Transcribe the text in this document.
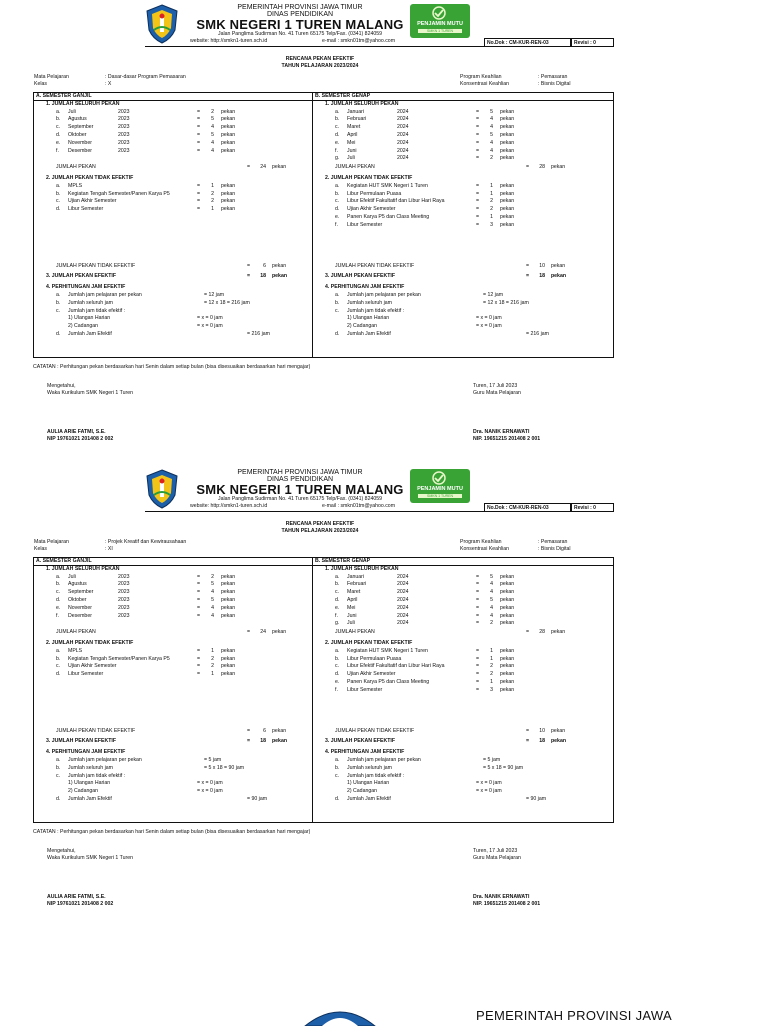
PEMERINTAH PROVINSI JAWA TIMUR
DINAS PENDIDIKAN
SMK NEGERI 1 TUREN MALANG
Jalan Panglima Sudirman No. 41 Turen 65175 Telp/Fax. (0341) 824059
website: http://smkn1-turen.sch.id	e-mail : smkn01tm@yahoo.com
PENJAMIN MUTU
SMKN 1 TUREN
No.Dok : CM-KUR-REN-03	Revisi : 0
RENCANA PEKAN EFEKTIF
TAHUN PELAJARAN 2023/2024
Mata Pelajaran	: Dasar-dasar Program Pemasaran
Kelas	: X
Program Keahlian	: Pemasaran
Konsentrasi Keahlian	: Bisnis Digital
A. SEMESTER GANJIL
1. JUMLAH SELURUH PEKAN
a. Juli	2023	=	2 pekan
b. Agustus	2023	=	5 pekan
c. September	2023	=	4 pekan
d. Oktober	2023	=	5 pekan
e. November	2023	=	4 pekan
f. Desember	2023	=	4 pekan
JUMLAH PEKAN	=	24 pekan
2. JUMLAH PEKAN TIDAK EFEKTIF
a. MPLS	=	1 pekan
b. Kegiatan Tengah Semester/Panen Karya P5	=	2 pekan
c. Ujian Akhir Semester	=	2 pekan
d. Libur Semester	=	1 pekan
JUMLAH PEKAN TIDAK EFEKTIF	=	6 pekan
3. JUMLAH PEKAN EFEKTIF	=	18 pekan
4. PERHITUNGAN JAM EFEKTIF
a. Jumlah jam pelajaran per pekan	= 12 jam
b. Jumlah seluruh jam	= 12 x 18 = 216 jam
c. Jumlah jam tidak efektif :
1) Ulangan Harian	= x = 0 jam
2) Cadangan	= x = 0 jam
d. Jumlah Jam Efektif	= 216 jam
B. SEMESTER GENAP
1. JUMLAH SELURUH PEKAN
a. Januari	2024	=	5 pekan
b. Februari	2024	=	4 pekan
c. Maret	2024	=	4 pekan
d. April	2024	=	5 pekan
e. Mei	2024	=	4 pekan
f. Juni	2024	=	4 pekan
g. Juli	2024	=	2 pekan
JUMLAH PEKAN	=	28 pekan
2. JUMLAH PEKAN TIDAK EFEKTIF
a. Kegiatan HUT SMK Negeri 1 Turen	=	1 pekan
b. Libur Permulaan Puasa	=	1 pekan
c. Libur Efektif Fakultatif dan Libur Hari Raya	=	2 pekan
d. Ujian Akhir Semester	=	2 pekan
e. Panen Karya P5 dan Class Meeting	=	1 pekan
f. Libur Semester	=	3 pekan
JUMLAH PEKAN TIDAK EFEKTIF	=	10 pekan
3. JUMLAH PEKAN EFEKTIF	=	18 pekan
4. PERHITUNGAN JAM EFEKTIF
a. Jumlah jam pelajaran per pekan	= 12 jam
b. Jumlah seluruh jam	= 12 x 18 = 216 jam
c. Jumlah jam tidak efektif :
1) Ulangan Harian	= x = 0 jam
2) Cadangan	= x = 0 jam
d. Jumlah Jam Efektif	= 216 jam
CATATAN : Perhitungan pekan berdasarkan hari Senin dalam setiap bulan (bisa disesuaikan berdasarkan hari mengajar)
Mengetahui,
Waka Kurikulum SMK Negeri 1 Turen
Turen, 17 Juli 2023
Guru Mata Pelajaran
AULIA ARIE FATMI, S.E.
NIP 19761021 201408 2 002
Dra. NANIK ERNAWATI
NIP. 19651215 201408 2 001
PEMERINTAH PROVINSI JAWA TIMUR
DINAS PENDIDIKAN
SMK NEGERI 1 TUREN MALANG
Jalan Panglima Sudirman No. 41 Turen 65175 Telp/Fax. (0341) 824059
website: http://smkn1-turen.sch.id	e-mail : smkn01tm@yahoo.com
PENJAMIN MUTU
SMKN 1 TUREN
No.Dok : CM-KUR-REN-03	Revisi : 0
RENCANA PEKAN EFEKTIF
TAHUN PELAJARAN 2023/2024
Mata Pelajaran	: Projek Kreatif dan Kewirausahaan
Kelas	: XI
Program Keahlian	: Pemasaran
Konsentrasi Keahlian	: Bisnis Digital
A. SEMESTER GANJIL
1. JUMLAH SELURUH PEKAN
a. Juli	2023	=	2 pekan
b. Agustus	2023	=	5 pekan
c. September	2023	=	4 pekan
d. Oktober	2023	=	5 pekan
e. November	2023	=	4 pekan
f. Desember	2023	=	4 pekan
JUMLAH PEKAN	=	24 pekan
2. JUMLAH PEKAN TIDAK EFEKTIF
a. MPLS	=	1 pekan
b. Kegiatan Tengah Semester/Panen Karya P5	=	2 pekan
c. Ujian Akhir Semester	=	2 pekan
d. Libur Semester	=	1 pekan
JUMLAH PEKAN TIDAK EFEKTIF	=	6 pekan
3. JUMLAH PEKAN EFEKTIF	=	18 pekan
4. PERHITUNGAN JAM EFEKTIF
a. Jumlah jam pelajaran per pekan	= 5 jam
b. Jumlah seluruh jam	= 5 x 18 = 90 jam
c. Jumlah jam tidak efektif :
1) Ulangan Harian	= x = 0 jam
2) Cadangan	= x = 0 jam
d. Jumlah Jam Efektif	= 90 jam
B. SEMESTER GENAP
1. JUMLAH SELURUH PEKAN
a. Januari	2024	=	5 pekan
b. Februari	2024	=	4 pekan
c. Maret	2024	=	4 pekan
d. April	2024	=	5 pekan
e. Mei	2024	=	4 pekan
f. Juni	2024	=	4 pekan
g. Juli	2024	=	2 pekan
JUMLAH PEKAN	=	28 pekan
2. JUMLAH PEKAN TIDAK EFEKTIF
a. Kegiatan HUT SMK Negeri 1 Turen	=	1 pekan
b. Libur Permulaan Puasa	=	1 pekan
c. Libur Efektif Fakultatif dan Libur Hari Raya	=	2 pekan
d. Ujian Akhir Semester	=	2 pekan
e. Panen Karya P5 dan Class Meeting	=	1 pekan
f. Libur Semester	=	3 pekan
JUMLAH PEKAN TIDAK EFEKTIF	=	10 pekan
3. JUMLAH PEKAN EFEKTIF	=	18 pekan
4. PERHITUNGAN JAM EFEKTIF
a. Jumlah jam pelajaran per pekan	= 5 jam
b. Jumlah seluruh jam	= 5 x 18 = 90 jam
c. Jumlah jam tidak efektif :
1) Ulangan Harian	= x = 0 jam
2) Cadangan	= x = 0 jam
d. Jumlah Jam Efektif	= 90 jam
CATATAN : Perhitungan pekan berdasarkan hari Senin dalam setiap bulan (bisa disesuaikan berdasarkan hari mengajar)
Mengetahui,
Waka Kurikulum SMK Negeri 1 Turen
Turen, 17 Juli 2023
Guru Mata Pelajaran
AULIA ARIE FATMI, S.E.
NIP 19761021 201408 2 002
Dra. NANIK ERNAWATI
NIP. 19651215 201408 2 001
PEMERINTAH PROVINSI JAWA
